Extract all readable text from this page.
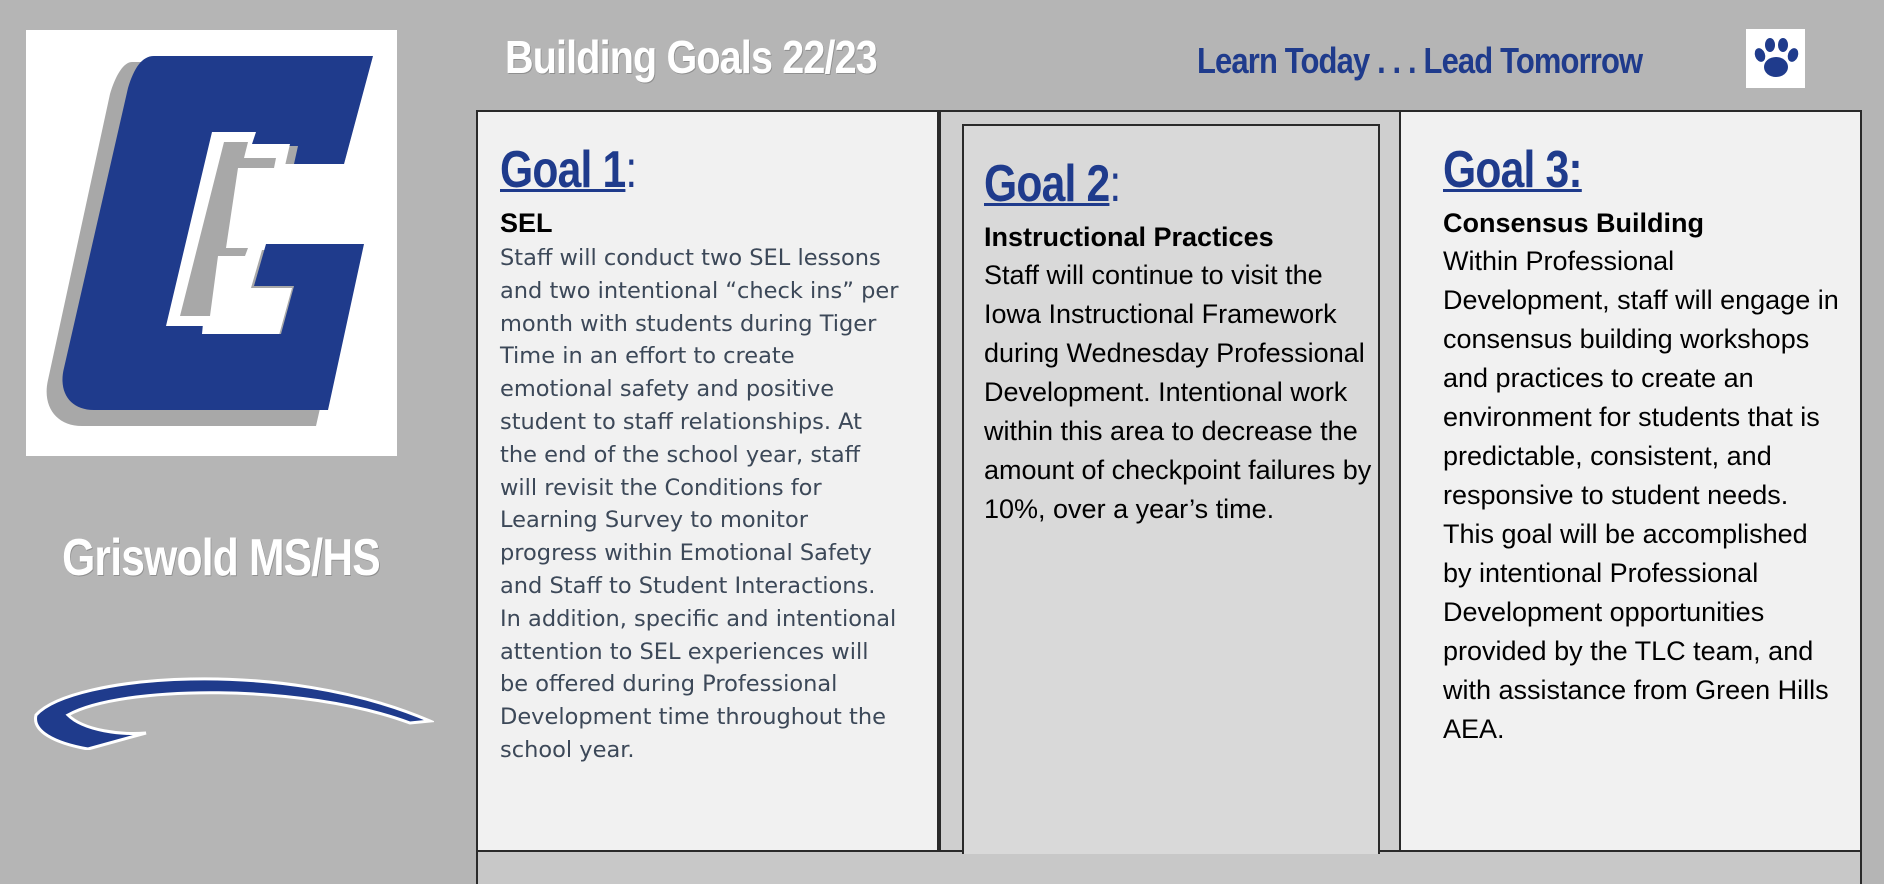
Griswold MS/HS
Building Goals 22/23	Learn Today . . . Lead Tomorrow
Goal 1:
SEL
Staff will conduct two SEL lessons and two intentional “check ins” per month with students during Tiger Time in an effort to create emotional safety and positive student to staff relationships. At the end of the school year, staff will revisit the Conditions for Learning Survey to monitor progress within Emotional Safety and Staff to Student Interactions. In addition, specific and intentional attention to SEL experiences will be offered during Professional Development time throughout the school year.
Goal 2:
Instructional Practices
Staff will continue to visit the Iowa Instructional Framework during Wednesday Professional Development. Intentional work within this area to decrease the amount of checkpoint failures by 10%, over a year’s time.
Goal 3:
Consensus Building
Within Professional Development, staff will engage in consensus building workshops and practices to create an environment for students that is predictable, consistent, and responsive to student needs. This goal will be accomplished by intentional Professional Development opportunities provided by the TLC team, and with assistance from Green Hills AEA.
